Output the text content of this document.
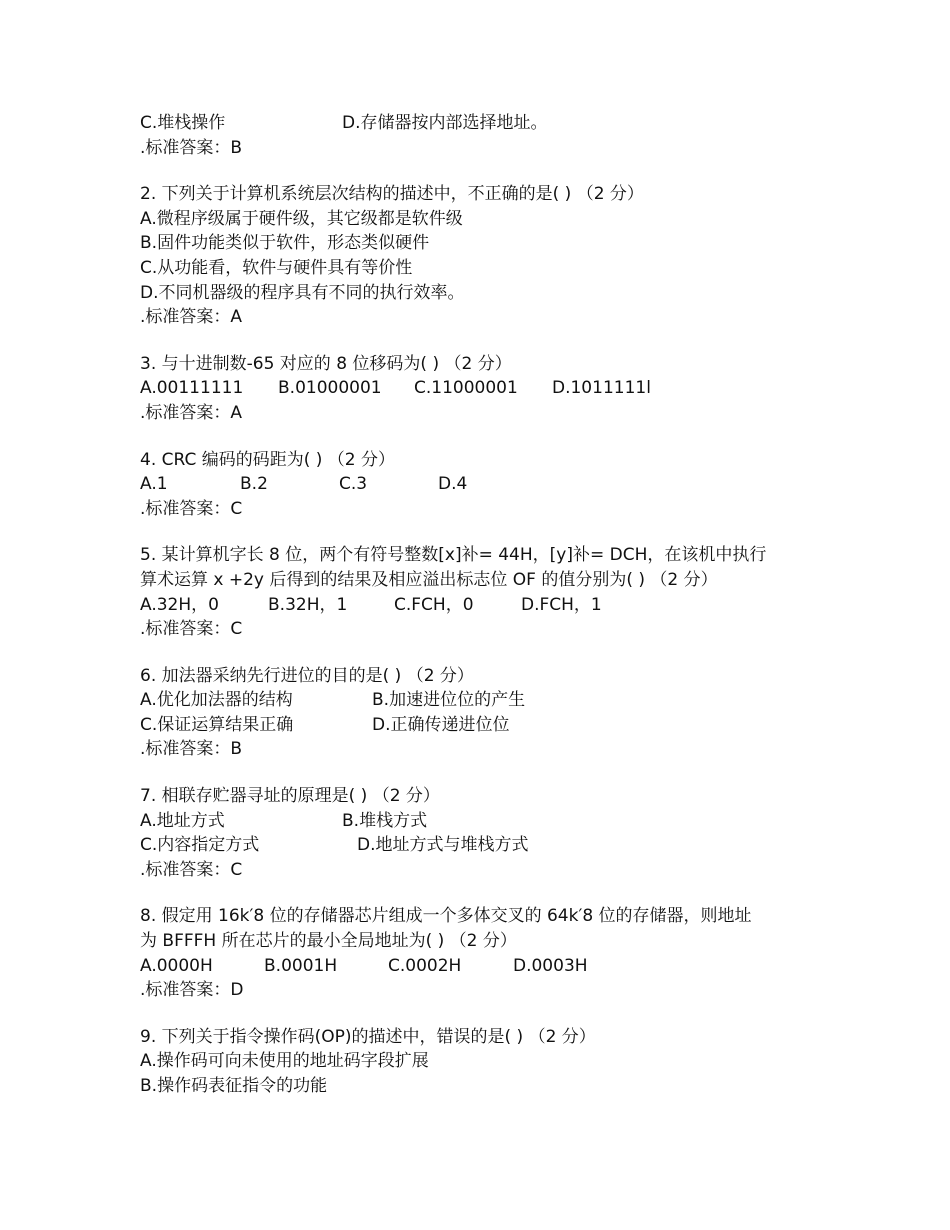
C.堆栈操作	D.存储器按内部选择地址。
.标准答案：B
2. 下列关于计算机系统层次结构的描述中，不正确的是( ) （2 分）
A.微程序级属于硬件级，其它级都是软件级
B.固件功能类似于软件，形态类似硬件
C.从功能看，软件与硬件具有等价性
D.不同机器级的程序具有不同的执行效率。
.标准答案：A
3. 与十进制数-65 对应的 8 位移码为( ) （2 分）
A.00111111 B.01000001 C.11000001 D.1011111l
.标准答案：A
4. CRC 编码的码距为( ) （2 分）
A.1	B.2	C.3	D.4
.标准答案：C
5. 某计算机字长 8 位，两个有符号整数[x]补= 44H，[y]补= DCH，在该机中执行
算术运算 x +2y 后得到的结果及相应溢出标志位 OF 的值分别为( ) （2 分）
A.32H，0	B.32H，1	C.FCH，0	D.FCH，1
.标准答案：C
6. 加法器采纳先行进位的目的是( ) （2 分）
A.优化加法器的结构	B.加速进位位的产生
C.保证运算结果正确	D.正确传递进位位
.标准答案：B
7. 相联存贮器寻址的原理是( ) （2 分）
A.地址方式	B.堆栈方式
C.内容指定方式	D.地址方式与堆栈方式
.标准答案：C
8. 假定用 16k′8 位的存储器芯片组成一个多体交叉的 64k′8 位的存储器，则地址
为 BFFFH 所在芯片的最小全局地址为( ) （2 分）
A.0000H	B.0001H	C.0002H	D.0003H
.标准答案：D
9. 下列关于指令操作码(OP)的描述中，错误的是( ) （2 分）
A.操作码可向未使用的地址码字段扩展
B.操作码表征指令的功能
